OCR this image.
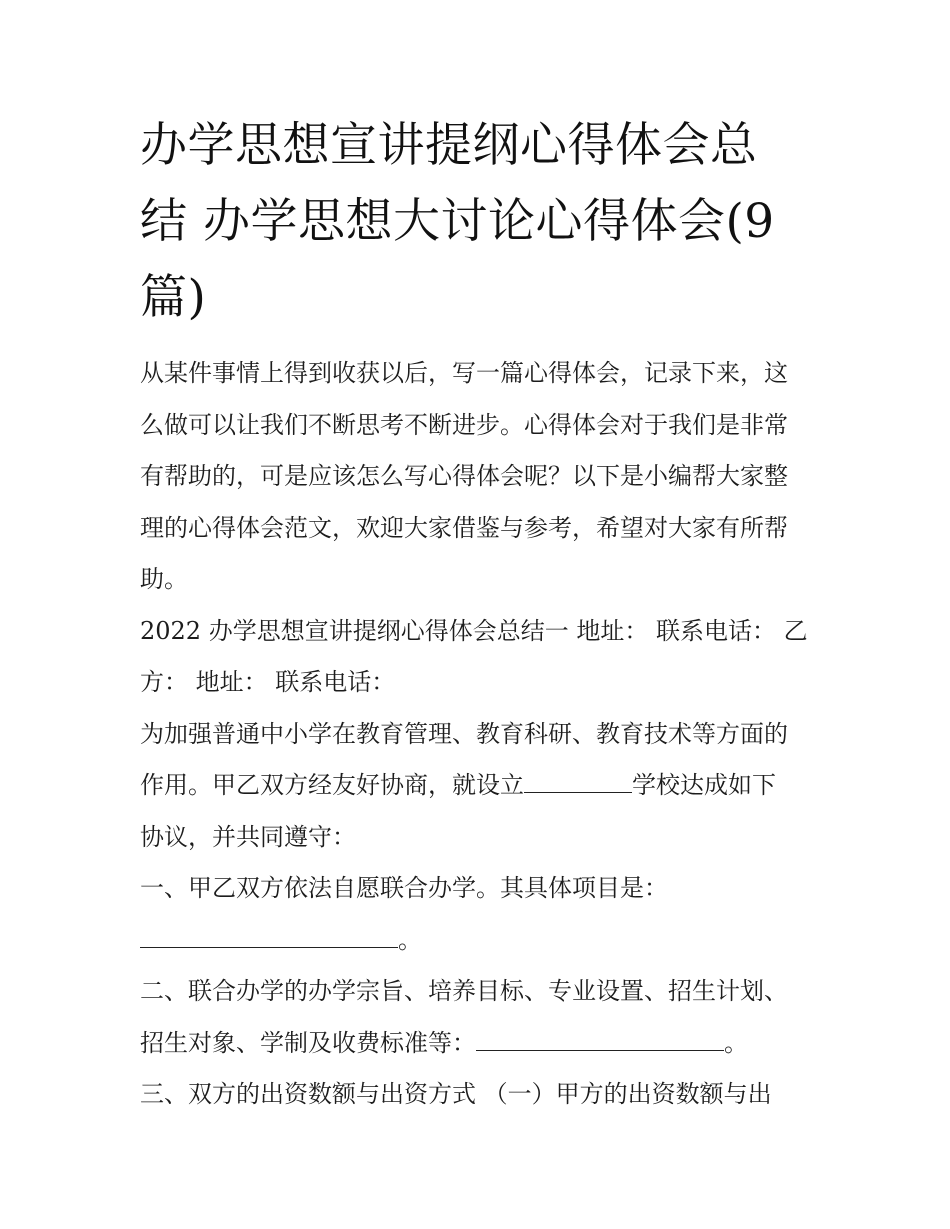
办学思想宣讲提纲心得体会总
结 办学思想大讨论心得体会(9
篇)
从某件事情上得到收获以后，写一篇心得体会，记录下来，这
么做可以让我们不断思考不断进步。心得体会对于我们是非常
有帮助的，可是应该怎么写心得体会呢？以下是小编帮大家整
理的心得体会范文，欢迎大家借鉴与参考，希望对大家有所帮
助。
2022 办学思想宣讲提纲心得体会总结一 地址： 联系电话： 乙
方： 地址： 联系电话：
为加强普通中小学在教育管理、教育科研、教育技术等方面的
作用。甲乙双方经友好协商，就设立	学校达成如下
协议，并共同遵守：
一、甲乙双方依法自愿联合办学。其具体项目是：
。
二、联合办学的办学宗旨、培养目标、专业设置、招生计划、
招生对象、学制及收费标准等：	。
三、双方的出资数额与出资方式 （一）甲方的出资数额与出
